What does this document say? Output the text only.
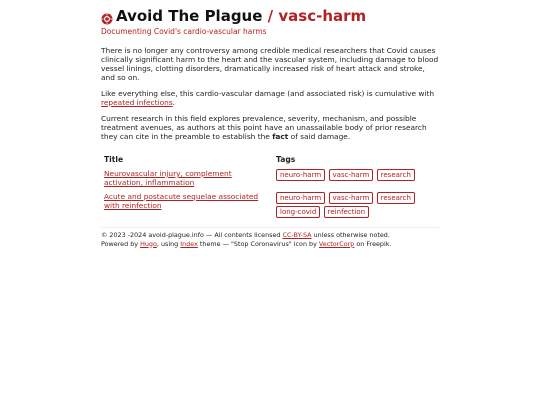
Avoid The Plague / vasc-harm
Documenting Covid's cardio-vascular harms

There is no longer any controversy among credible medical researchers that Covid causes clinically significant harm to the heart and the vascular system, including damage to blood vessel linings, clotting disorders, dramatically increased risk of heart attack and stroke, and so on.

Like everything else, this cardio-vascular damage (and associated risk) is cumulative with repeated infections.

Current research in this field explores prevalence, severity, mechanism, and possible treatment avenues, as authors at this point have an unassailable body of prior research they can cite in the preamble to establish the fact of said damage.

Title	Tags
Neurovascular injury, complement activation, inflammation	neuro-harm vasc-harm research
Acute and postacute sequelae associated with reinfection	neuro-harm vasc-harm research long-covid reinfection
© 2023 -2024 avoid-plague.info — All contents licensed CC-BY-SA unless otherwise noted.
Powered by Hugo, using Index theme — "Stop Coronavirus" icon by VectorCorp on Freepik.
